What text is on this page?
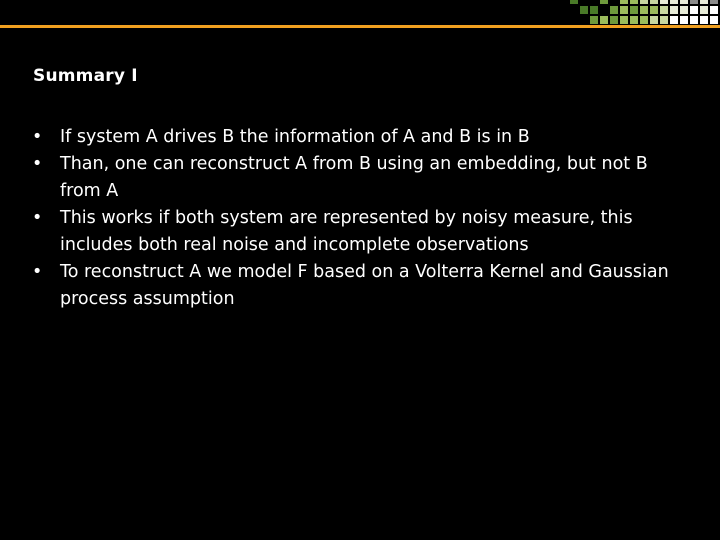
Summary I
• If system A drives B the information of A and B is in B
• Than, one can reconstruct A from B using an embedding, but not B from A
• This works if both system are represented by noisy measure, this includes both real noise and incomplete observations
• To reconstruct A we model F based on a Volterra Kernel and Gaussian process assumption
